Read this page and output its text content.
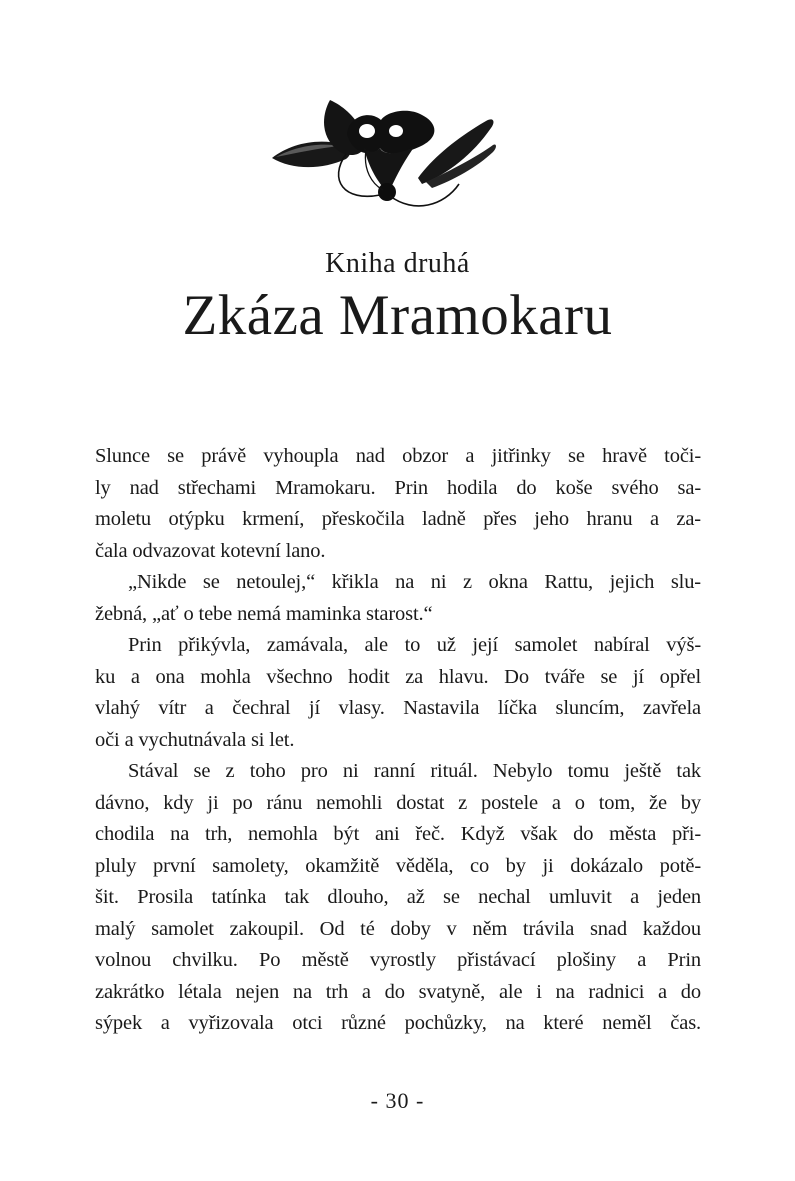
Kniha druhá
Zkáza Mramokaru
Slunce se právě vyhoupla nad obzor a jitřinky se hravě toči-
ly nad střechami Mramokaru. Prin hodila do koše svého sa-
moletu otýpku krmení, přeskočila ladně přes jeho hranu a za-
čala odvazovat kotevní lano.
„Nikde se netoulej,“ křikla na ni z okna Rattu, jejich slu-
žebná, „ať o tebe nemá maminka starost.“
Prin přikývla, zamávala, ale to už její samolet nabíral výš-
ku a ona mohla všechno hodit za hlavu. Do tváře se jí opřel
vlahý vítr a čechral jí vlasy. Nastavila líčka sluncím, zavřela
oči a vychutnávala si let.
Stával se z toho pro ni ranní rituál. Nebylo tomu ještě tak
dávno, kdy ji po ránu nemohli dostat z postele a o tom, že by
chodila na trh, nemohla být ani řeč. Když však do města při-
pluly první samolety, okamžitě věděla, co by ji dokázalo potě-
šit. Prosila tatínka tak dlouho, až se nechal umluvit a jeden
malý samolet zakoupil. Od té doby v něm trávila snad každou
volnou chvilku. Po městě vyrostly přistávací plošiny a Prin
zakrátko létala nejen na trh a do svatyně, ale i na radnici a do
sýpek a vyřizovala otci různé pochůzky, na které neměl čas.
- 30 -
